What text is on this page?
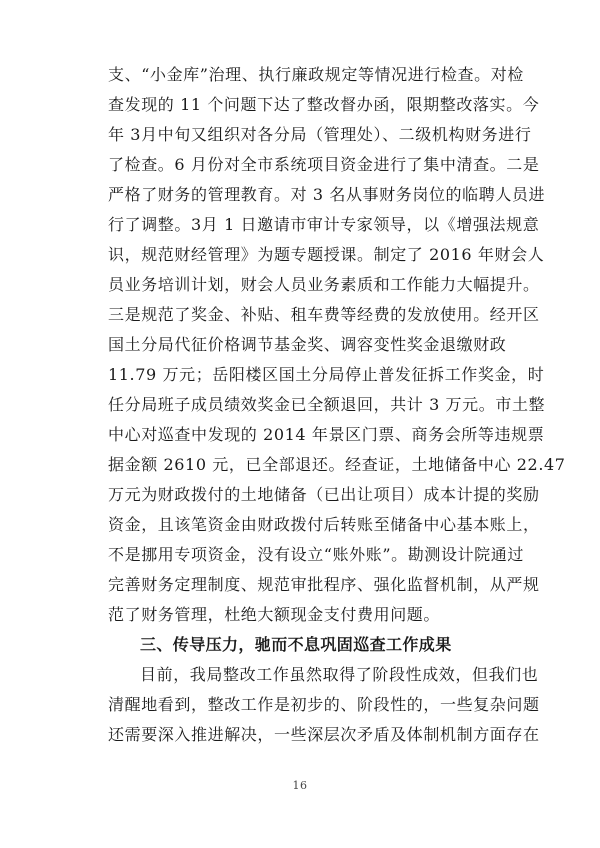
支、“小金库”治理、执行廉政规定等情况进行检查。对检
查发现的 11 个问题下达了整改督办函，限期整改落实。今
年 3月中旬又组织对各分局（管理处）、二级机构财务进行
了检查。6 月份对全市系统项目资金进行了集中清查。二是
严格了财务的管理教育。对 3 名从事财务岗位的临聘人员进
行了调整。3月 1 日邀请市审计专家领导，以《增强法规意
识，规范财经管理》为题专题授课。制定了 2016 年财会人
员业务培训计划，财会人员业务素质和工作能力大幅提升。
三是规范了奖金、补贴、租车费等经费的发放使用。经开区
国土分局代征价格调节基金奖、调容变性奖金退缴财政
11.79 万元；岳阳楼区国土分局停止普发征拆工作奖金，时
任分局班子成员绩效奖金已全额退回，共计 3 万元。市土整
中心对巡查中发现的 2014 年景区门票、商务会所等违规票
据金额 2610 元，已全部退还。经查证，土地储备中心 22.47
万元为财政拨付的土地储备（已出让项目）成本计提的奖励
资金，且该笔资金由财政拨付后转账至储备中心基本账上，
不是挪用专项资金，没有设立“账外账”。勘测设计院通过
完善财务定理制度、规范审批程序、强化监督机制，从严规
范了财务管理，杜绝大额现金支付费用问题。
三、传导压力，驰而不息巩固巡查工作成果
目前，我局整改工作虽然取得了阶段性成效，但我们也
清醒地看到，整改工作是初步的、阶段性的，一些复杂问题
还需要深入推进解决，一些深层次矛盾及体制机制方面存在
16
